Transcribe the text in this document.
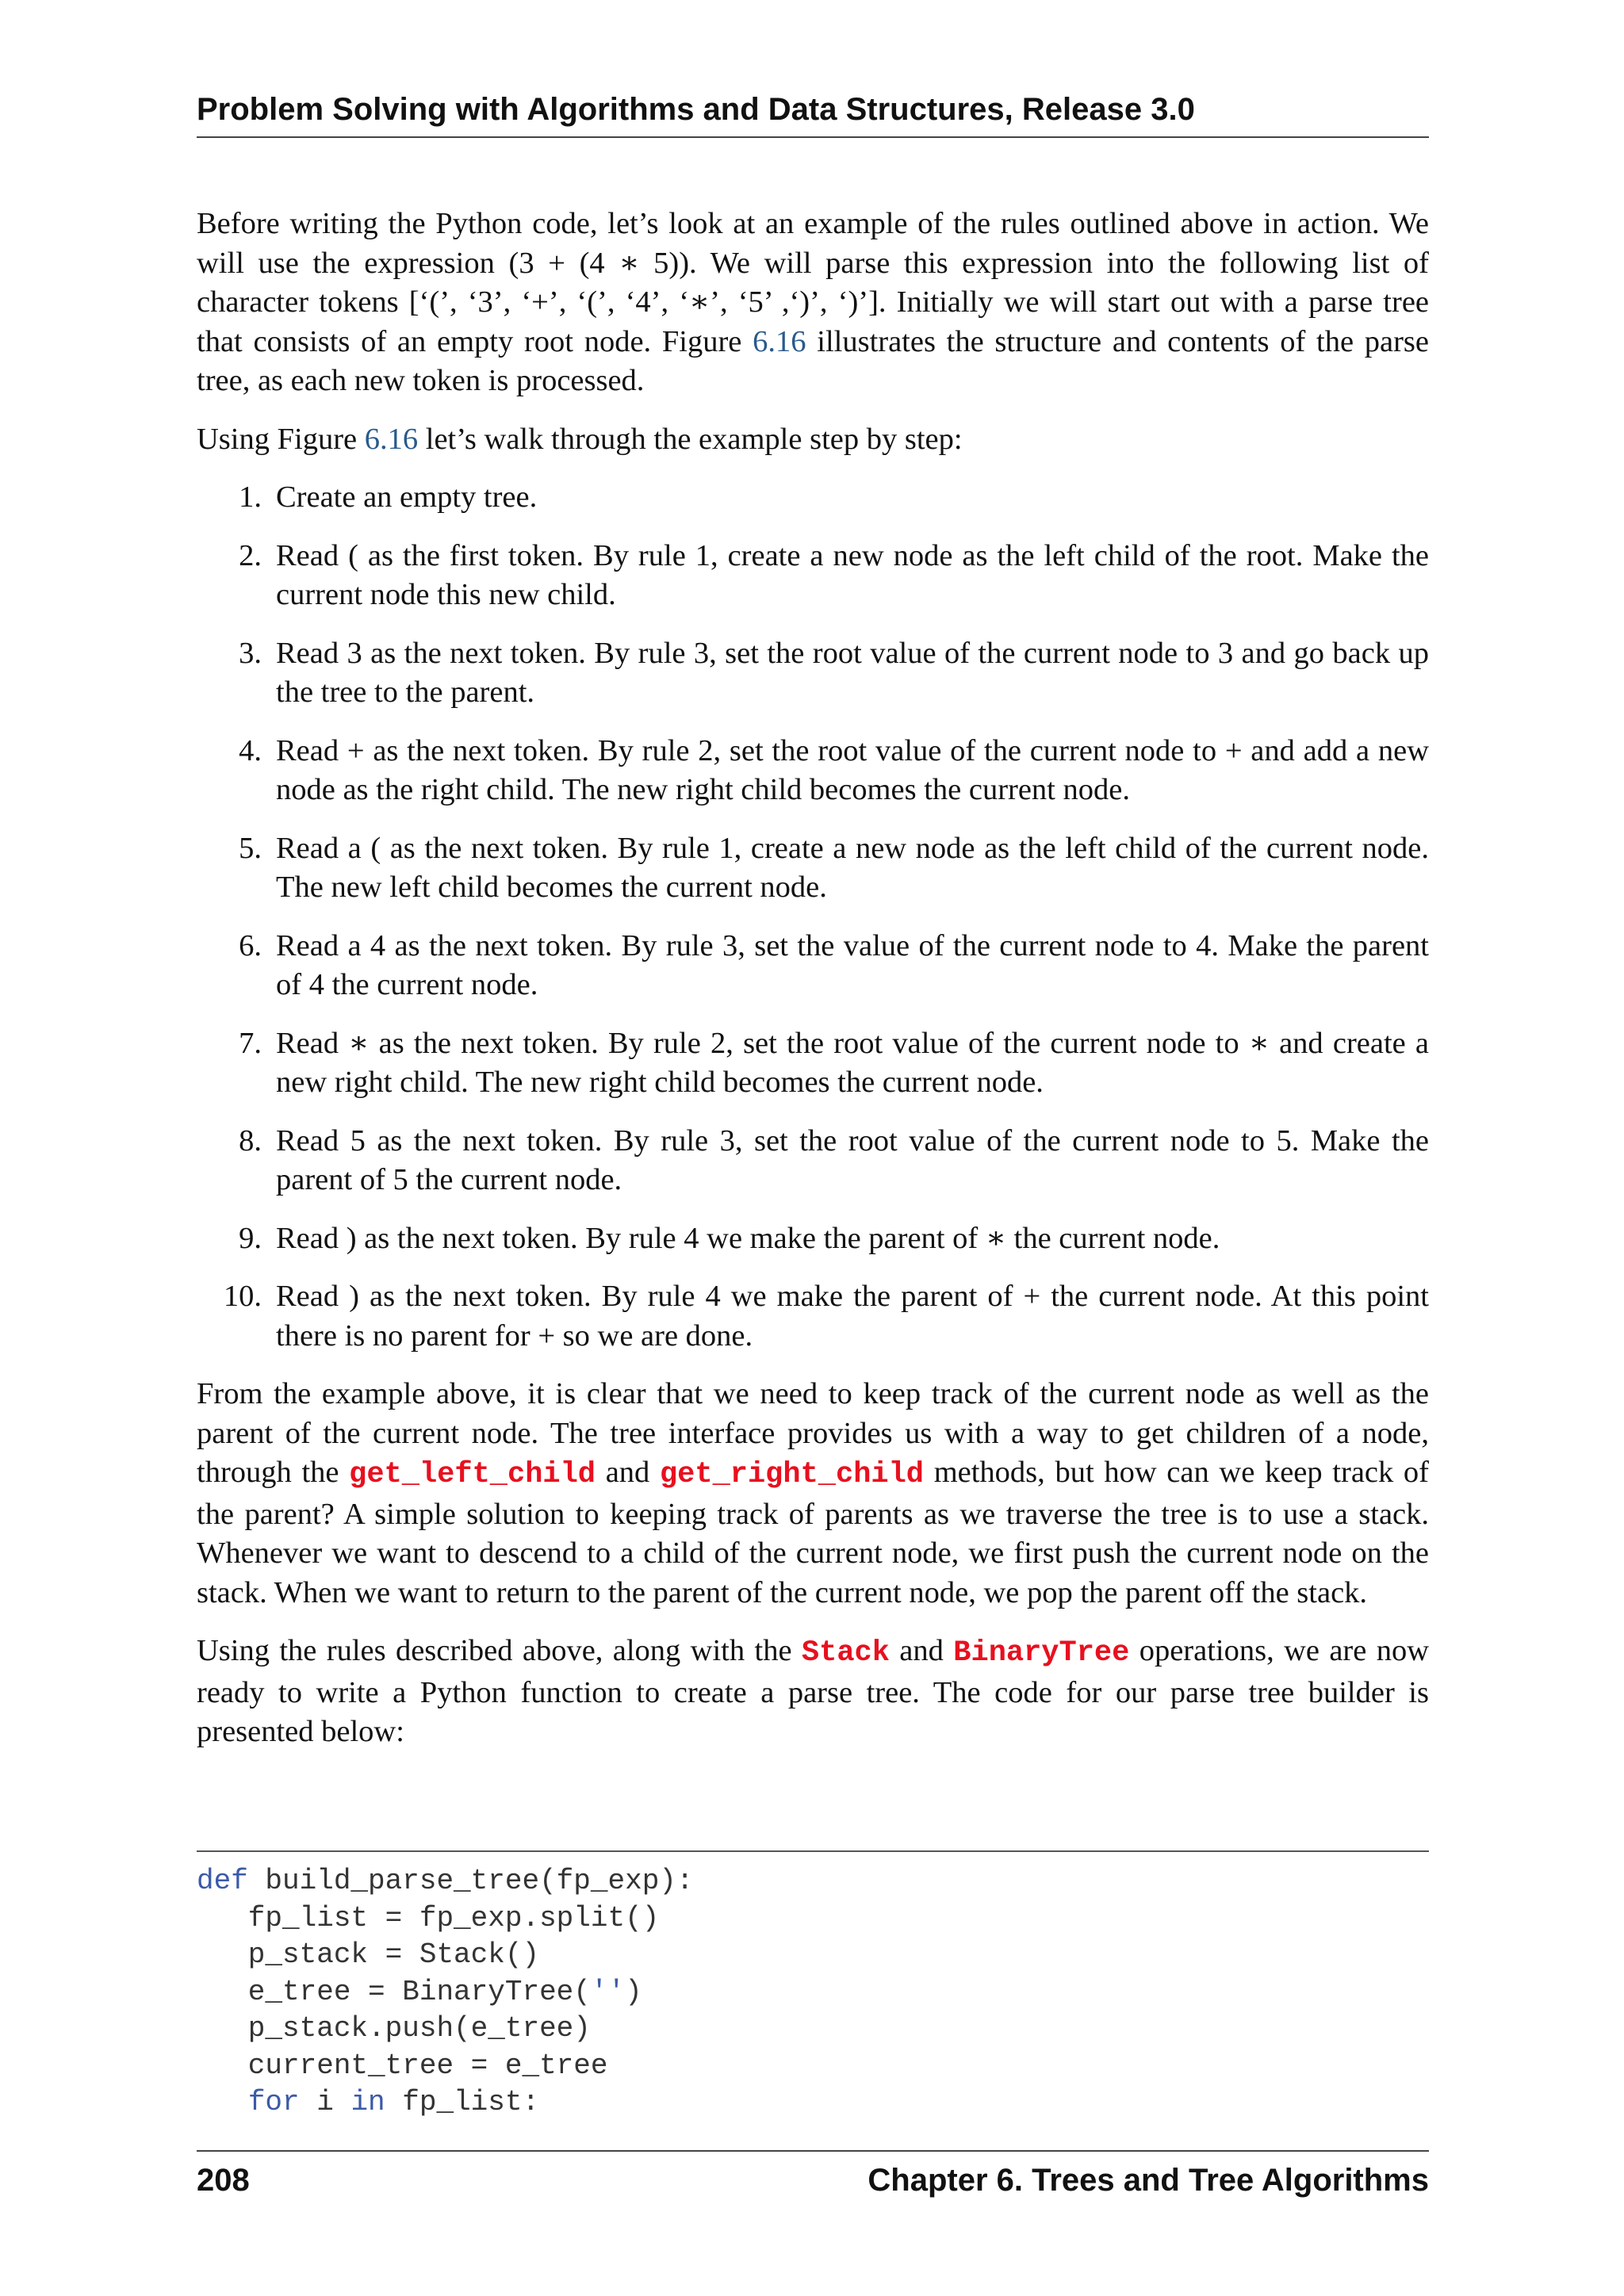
Problem Solving with Algorithms and Data Structures, Release 3.0

Before writing the Python code, let’s look at an example of the rules outlined above in action. We will use the expression (3 + (4 ∗ 5)). We will parse this expression into the following list of character tokens [‘(’, ‘3’, ‘+’, ‘(’, ‘4’, ‘∗’, ‘5’ ,‘)’, ‘)’]. Initially we will start out with a parse tree that consists of an empty root node. Figure 6.16 illustrates the structure and contents of the parse tree, as each new token is processed.

Using Figure 6.16 let’s walk through the example step by step:

1. Create an empty tree.
2. Read ( as the first token. By rule 1, create a new node as the left child of the root. Make the current node this new child.
3. Read 3 as the next token. By rule 3, set the root value of the current node to 3 and go back up the tree to the parent.
4. Read + as the next token. By rule 2, set the root value of the current node to + and add a new node as the right child. The new right child becomes the current node.
5. Read a ( as the next token. By rule 1, create a new node as the left child of the current node. The new left child becomes the current node.
6. Read a 4 as the next token. By rule 3, set the value of the current node to 4. Make the parent of 4 the current node.
7. Read ∗ as the next token. By rule 2, set the root value of the current node to ∗ and create a new right child. The new right child becomes the current node.
8. Read 5 as the next token. By rule 3, set the root value of the current node to 5. Make the parent of 5 the current node.
9. Read ) as the next token. By rule 4 we make the parent of ∗ the current node.
10. Read ) as the next token. By rule 4 we make the parent of + the current node. At this point there is no parent for + so we are done.

From the example above, it is clear that we need to keep track of the current node as well as the parent of the current node. The tree interface provides us with a way to get children of a node, through the get_left_child and get_right_child methods, but how can we keep track of the parent? A simple solution to keeping track of parents as we traverse the tree is to use a stack. Whenever we want to descend to a child of the current node, we first push the current node on the stack. When we want to return to the parent of the current node, we pop the parent off the stack.

Using the rules described above, along with the Stack and BinaryTree operations, we are now ready to write a Python function to create a parse tree. The code for our parse tree builder is presented below:

def build_parse_tree(fp_exp):
fp_list = fp_exp.split()
p_stack = Stack()
e_tree = BinaryTree('')
p_stack.push(e_tree)
current_tree = e_tree
for i in fp_list:
208	Chapter 6. Trees and Tree Algorithms
